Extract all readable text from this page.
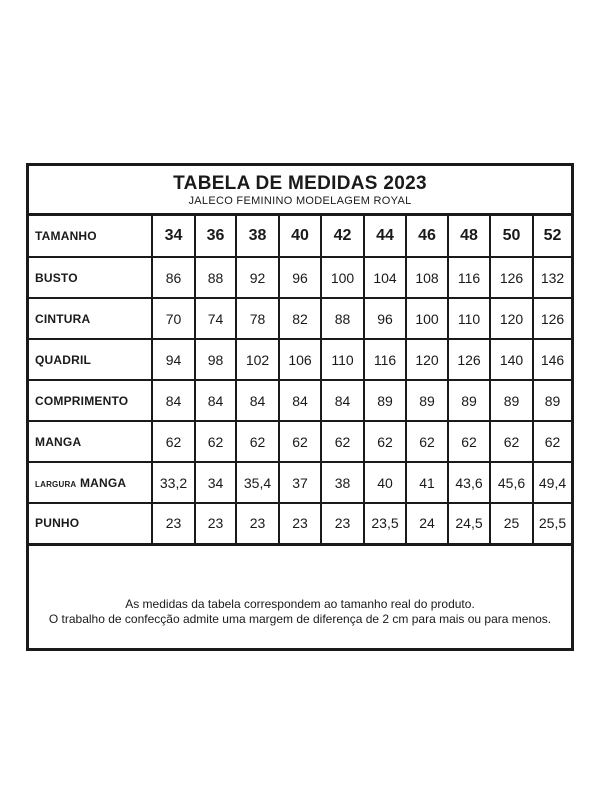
TABELA DE MEDIDAS 2023
JALECO FEMININO MODELAGEM ROYAL
TAMANHO	34	36	38	40	42	44	46	48	50	52
BUSTO	86	88	92	96	100	104	108	116	126	132
CINTURA	70	74	78	82	88	96	100	110	120	126
QUADRIL	94	98	102	106	110	116	120	126	140	146
COMPRIMENTO	84	84	84	84	84	89	89	89	89	89
MANGA	62	62	62	62	62	62	62	62	62	62
LARGURA MANGA	33,2	34	35,4	37	38	40	41	43,6	45,6	49,4
PUNHO	23	23	23	23	23	23,5	24	24,5	25	25,5
As medidas da tabela correspondem ao tamanho real do produto.
O trabalho de confecção admite uma margem de diferença de 2 cm para mais ou para menos.
